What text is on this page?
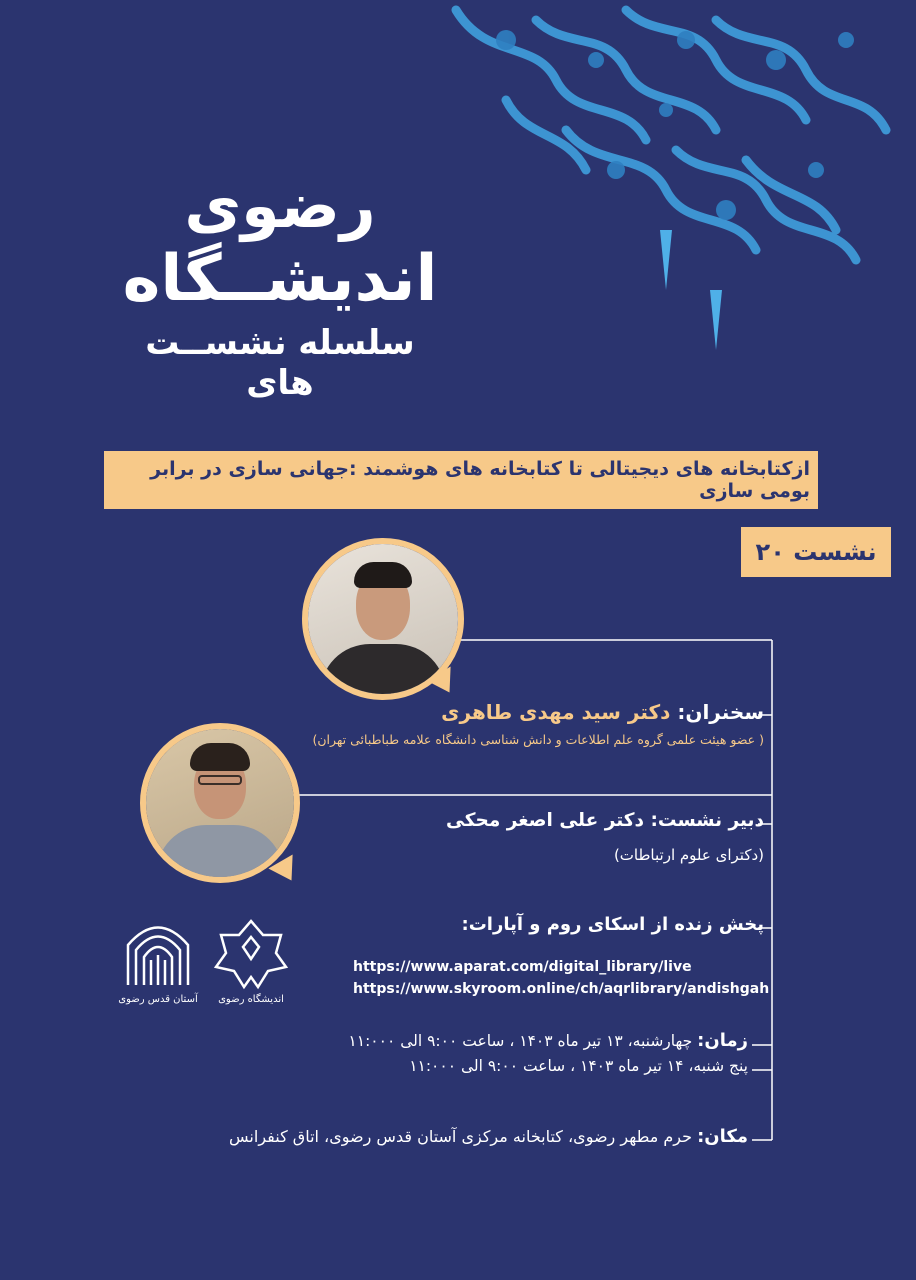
رضوی
اندیشــگاه
سلسله نشســت های
ازکتابخانه های دیجیتالی تا کتابخانه های هوشمند :جهانی سازی در برابر بومی سازی
نشست ۲۰
سخنران: دکتر سید مهدی طاهری
( عضو هیئت علمی گروه علم اطلاعات و دانش شناسی دانشگاه علامه طباطبائی تهران)
دبیر نشست: دکتر علی اصغر محکی
(دکترای علوم ارتباطات)
پخش زنده از اسکای روم و آپارات:
https://www.aparat.com/digital_library/live
https://www.skyroom.online/ch/aqrlibrary/andishgah
زمان: چهارشنبه، ۱۳ تیر ماه ۱۴۰۳ ، ساعت ۹:۰۰ الی ۱۱:۰۰۰
پنج شنبه، ۱۴ تیر ماه ۱۴۰۳ ، ساعت ۹:۰۰ الی ۱۱:۰۰۰
مکان: حرم مطهر رضوی، کتابخانه مرکزی آستان قدس رضوی، اتاق کنفرانس
آستان قدس رضوی	اندیشگاه رضوی
